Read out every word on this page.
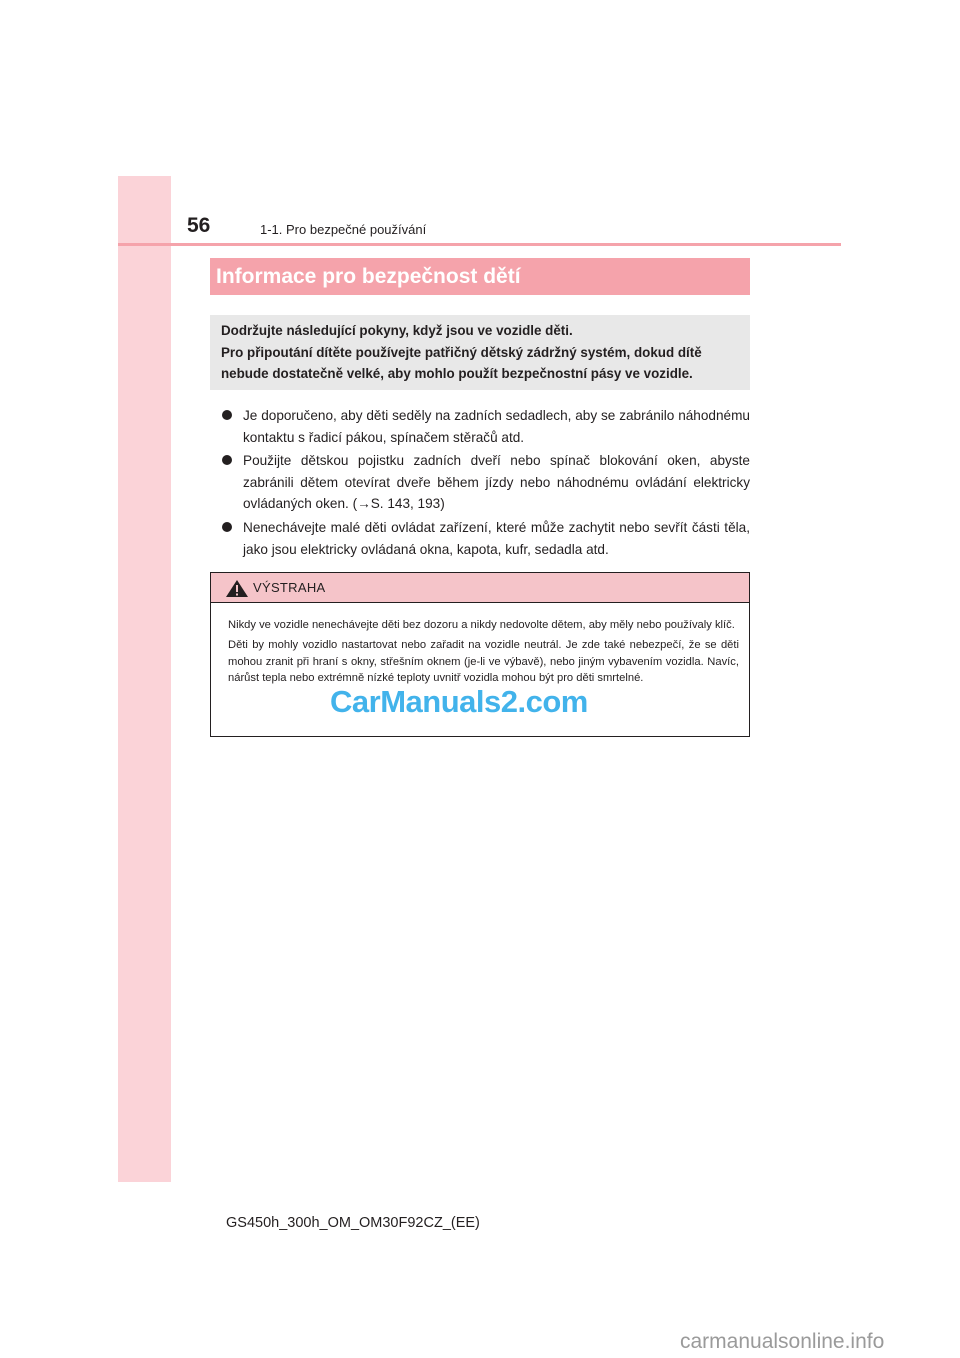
56	1-1. Pro bezpečné používání
Informace pro bezpečnost dětí

Dodržujte následující pokyny, když jsou ve vozidle děti.

Pro připoutání dítěte používejte patřičný dětský zádržný systém, dokud dítě nebude dostatečně velké, aby mohlo použít bezpečnostní pásy ve vozidle.

Je doporučeno, aby děti seděly na zadních sedadlech, aby se zabránilo náhodnému kontaktu s řadicí pákou, spínačem stěračů atd.
Použijte dětskou pojistku zadních dveří nebo spínač blokování oken, abyste zabránili dětem otevírat dveře během jízdy nebo náhodnému ovládání elektricky ovládaných oken. (→S. 143, 193)
Nenechávejte malé děti ovládat zařízení, které může zachytit nebo sevřít části těla, jako jsou elektricky ovládaná okna, kapota, kufr, sedadla atd.
VÝSTRAHA

Nikdy ve vozidle nenechávejte děti bez dozoru a nikdy nedovolte dětem, aby měly nebo používaly klíč.

Děti by mohly vozidlo nastartovat nebo zařadit na vozidle neutrál. Je zde také nebezpečí, že se děti mohou zranit při hraní s okny, střešním oknem (je-li ve výbavě), nebo jiným vybavením vozidla. Navíc, nárůst tepla nebo extrémně nízké teploty uvnitř vozidla mohou být pro děti smrtelné.

CarManuals2.com
GS450h_300h_OM_OM30F92CZ_(EE)
carmanualsonline.info
